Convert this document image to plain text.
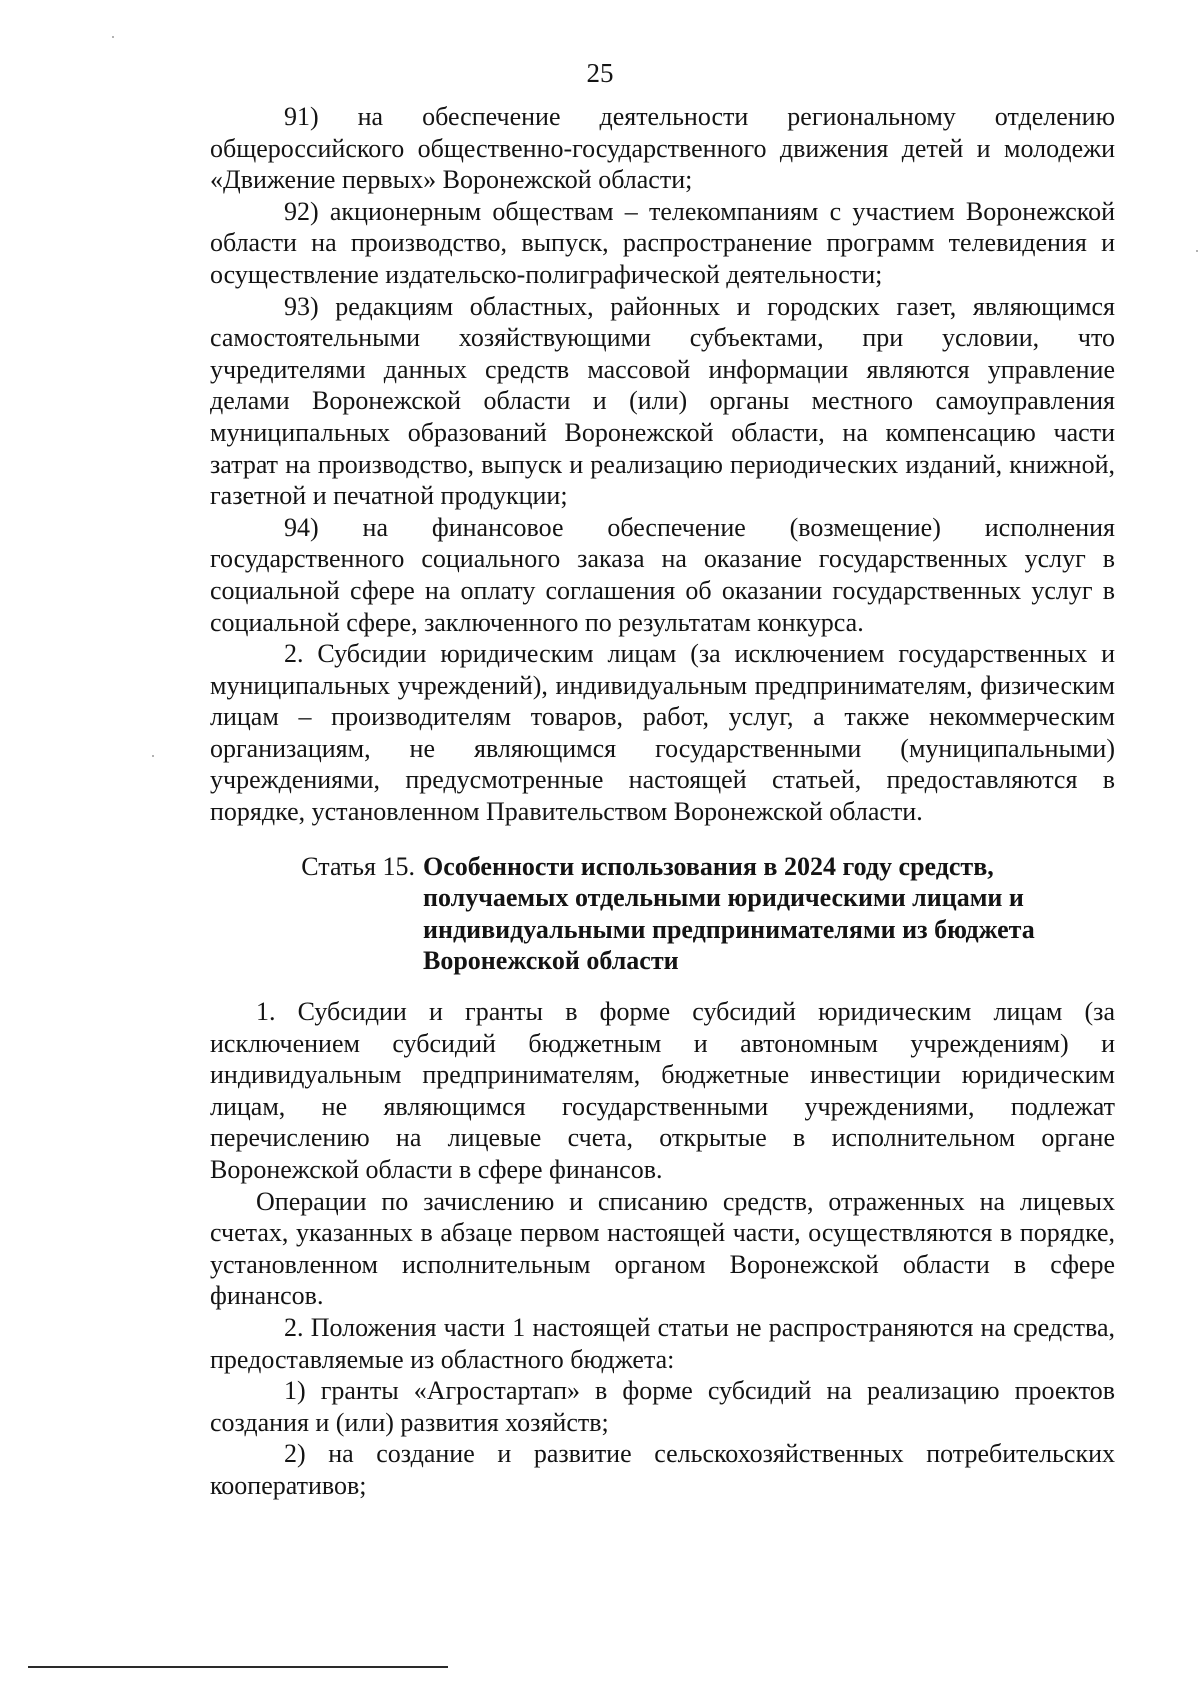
25

91) на обеспечение деятельности региональному отделению общероссийского общественно-государственного движения детей и молодежи «Движение первых» Воронежской области;

92) акционерным обществам – телекомпаниям с участием Воронежской области на производство, выпуск, распространение программ телевидения и осуществление издательско-полиграфической деятельности;

93) редакциям областных, районных и городских газет, являющимся самостоятельными хозяйствующими субъектами, при условии, что учредителями данных средств массовой информации являются управление делами Воронежской области и (или) органы местного самоуправления муниципальных образований Воронежской области, на компенсацию части затрат на производство, выпуск и реализацию периодических изданий, книжной, газетной и печатной продукции;

94) на финансовое обеспечение (возмещение) исполнения государственного социального заказа на оказание государственных услуг в социальной сфере на оплату соглашения об оказании государственных услуг в социальной сфере, заключенного по результатам конкурса.

2. Субсидии юридическим лицам (за исключением государственных и муниципальных учреждений), индивидуальным предпринимателям, физическим лицам – производителям товаров, работ, услуг, а также некоммерческим организациям, не являющимся государственными (муниципальными) учреждениями, предусмотренные настоящей статьей, предоставляются в порядке, установленном Правительством Воронежской области.

Статья 15. Особенности использования в 2024 году средств, получаемых отдельными юридическими лицами и индивидуальными предпринимателями из бюджета Воронежской области

1. Субсидии и гранты в форме субсидий юридическим лицам (за исключением субсидий бюджетным и автономным учреждениям) и индивидуальным предпринимателям, бюджетные инвестиции юридическим лицам, не являющимся государственными учреждениями, подлежат перечислению на лицевые счета, открытые в исполнительном органе Воронежской области в сфере финансов.

Операции по зачислению и списанию средств, отраженных на лицевых счетах, указанных в абзаце первом настоящей части, осуществляются в порядке, установленном исполнительным органом Воронежской области в сфере финансов.

2. Положения части 1 настоящей статьи не распространяются на средства, предоставляемые из областного бюджета:

1) гранты «Агростартап» в форме субсидий на реализацию проектов создания и (или) развития хозяйств;

2) на создание и развитие сельскохозяйственных потребительских кооперативов;
